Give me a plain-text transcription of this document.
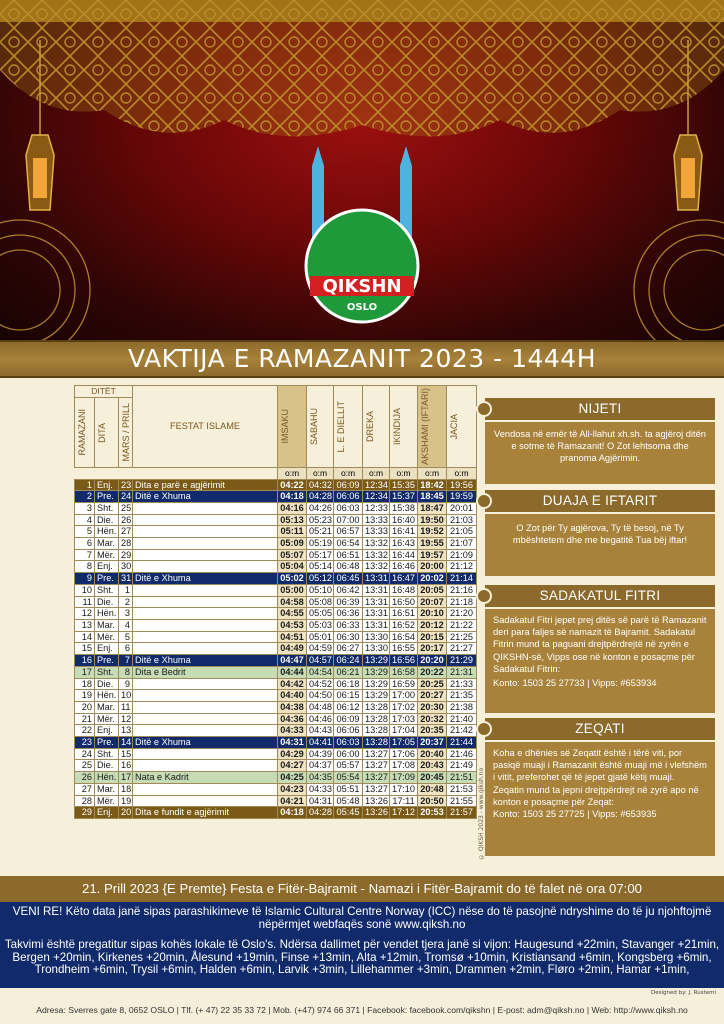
QIKSHN
OSLO
VAKTIJA E RAMAZANIT 2023 - 1444H
DITËT			FESTAT ISLAME	IMSAKU	SABAHU	L. E DIELLIT	DREKA	IKINDIJA	AKSHAMI (IFTARI)	JACIA

RAMAZANI	DITA	MARS / PRILL								

				o:m	o:m	o:m	o:m	o:m	o:m	o:m
1	Enj.	23	Dita e parë e agjërimit	04:22	04:32	06:09	12:34	15:35	18:42	19:56
2	Pre.	24	Ditë e Xhuma	04:18	04:28	06:06	12:34	15:37	18:45	19:59
3	Sht.	25		04:16	04:26	06:03	12:33	15:38	18:47	20:01
4	Die.	26		05:13	05:23	07:00	13:33	16:40	19:50	21:03
5	Hën.	27		05:11	05:21	06:57	13:33	16:41	19:52	21:05
6	Mar.	28		05:09	05:19	06:54	13:32	16:43	19:55	21:07
7	Mër.	29		05:07	05:17	06:51	13:32	16:44	19:57	21:09
8	Enj.	30		05:04	05:14	06:48	13:32	16:46	20:00	21:12
9	Pre.	31	Ditë e Xhuma	05:02	05:12	06:45	13:31	16:47	20:02	21:14
10	Sht.	1		05:00	05:10	06:42	13:31	16:48	20:05	21:16
11	Die.	2		04:58	05:08	06:39	13:31	16:50	20:07	21:18
12	Hën.	3		04:55	05:05	06:36	13:31	16:51	20:10	21:20
13	Mar.	4		04:53	05:03	06:33	13:31	16:52	20:12	21:22
14	Mër.	5		04:51	05:01	06:30	13:30	16:54	20:15	21:25
15	Enj.	6		04:49	04:59	06:27	13:30	16:55	20:17	21:27
16	Pre.	7	Ditë e Xhuma	04:47	04:57	06:24	13:29	16:56	20:20	21:29
17	Sht.	8	Dita e Bedrit	04:44	04:54	06:21	13:29	16:58	20:22	21:31
18	Die.	9		04:42	04:52	06:18	13:29	16:59	20:25	21:33
19	Hën.	10		04:40	04:50	06:15	13:29	17:00	20:27	21:35
20	Mar.	11		04:38	04:48	06:12	13:28	17:02	20:30	21:38
21	Mër.	12		04:36	04:46	06:09	13:28	17:03	20:32	21:40
22	Enj.	13		04:33	04:43	06:06	13:28	17:04	20:35	21:42
23	Pre.	14	Ditë e Xhuma	04:31	04:41	06:03	13:28	17:05	20:37	21:44
24	Sht.	15		04:29	04:39	06:00	13:27	17:06	20:40	21:46
25	Die.	16		04:27	04:37	05:57	13:27	17:08	20:43	21:49
26	Hën.	17	Nata e Kadrit	04:25	04:35	05:54	13:27	17:09	20:45	21:51
27	Mar.	18		04:23	04:33	05:51	13:27	17:10	20:48	21:53
28	Mër.	19		04:21	04:31	05:48	13:26	17:11	20:50	21:55
29	Enj.	20	Dita e fundit e agjërimit	04:18	04:28	05:45	13:26	17:12	20:53	21:57 © QIKSH 2023 - www.qiksh.no
NIJETI
Vendosa në emër të All-llahut xh.sh. ta agjëroj ditën e sotme të Ramazanit! O Zot lehtsoma dhe pranoma Agjërimin.
DUAJA E IFTARIT
O Zot për Ty agjërova, Ty të besoj, në Ty mbështetem dhe me begatitë Tua bëj iftar!
SADAKATUL FITRI
Sadakatul Fitri jepet prej ditës së parë të Ramazanit deri para faljes së namazit të Bajramit. Sadakatul Fitrin mund ta paguani drejtpërdrejtë në zyrën e QIKSHN-së, Vipps ose në konton e posaçme për Sadakatul Fitrin:
Konto: 1503 25 27733 | Vipps: #653934
ZEQATI
Koha e dhënies së Zeqatit është i tërë viti, por pasiqë muaji i Ramazanit është muaji më i vlefshëm i vitit, preferohet që të jepet gjatë këtij muaji. Zeqatin mund ta jepni drejtpërdrejt në zyrë apo në konton e posaçme për Zeqat:
Konto: 1503 25 27725 | Vipps: #653935
21. Prill 2023 {E Premte} Festa e Fitër-Bajramit - Namazi i Fitër-Bajramit do të falet në ora 07:00
VENI RE! Këto data janë sipas parashikimeve të Islamic Cultural Centre Norway (ICC) nëse do të pasojnë ndryshime do të ju njohftojmë nëpërmjet webfaqës sonë www.qiksh.no
Takvimi është pregatitur sipas kohës lokale të Oslo's. Ndërsa dallimet për vendet tjera janë si vijon: Haugesund +22min, Stavanger +21min, Bergen +20min, Kirkenes +20min, Ålesund +19min, Finse +13min, Alta +12min, Tromsø +10min, Kristiansand +6min, Kongsberg +6min, Trondheim +6min, Trysil +6min, Halden +6min, Larvik +3min, Lillehammer +3min, Drammen +2min, Fløro +2min, Hamar +1min,
Designed by: J. Rustemi
Adresa: Sverres gate 8, 0652 OSLO | Tlf. (+ 47) 22 35 33 72 | Mob. (+47) 974 66 371 | Facebook: facebook.com/qikshn | E-post: adm@qiksh.no | Web: http://www.qiksh.no
